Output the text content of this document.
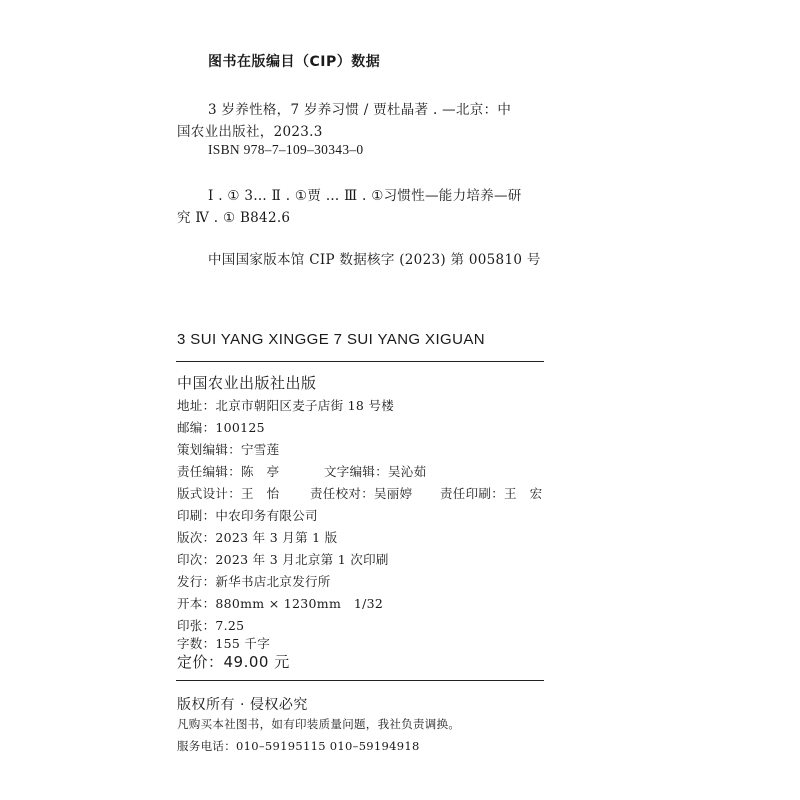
图书在版编目（CIP）数据
3 岁养性格，7 岁养习惯 / 贾杜晶著 . —北京：中
国农业出版社，2023.3
ISBN 978–7–109–30343–0
Ⅰ . ① 3… Ⅱ . ①贾 … Ⅲ . ①习惯性—能力培养—研
究 Ⅳ . ① B842.6
中国国家版本馆 CIP 数据核字 (2023) 第 005810 号
3 SUI YANG XINGGE 7 SUI YANG XIGUAN
中国农业出版社出版
地址：北京市朝阳区麦子店街 18 号楼
邮编：100125
策划编辑：宁雪莲
责任编辑：陈　亭	文字编辑：吴沁茹
版式设计：王　怡 责任校对：吴丽婷 责任印刷：王　宏
印刷：中农印务有限公司
版次：2023 年 3 月第 1 版
印次：2023 年 3 月北京第 1 次印刷
发行：新华书店北京发行所
开本：880mm × 1230mm　1/32
印张：7.25
字数：155 千字
定价：49.00 元
版权所有 · 侵权必究
凡购买本社图书，如有印装质量问题，我社负责调换。
服务电话：010–59195115 010–59194918
